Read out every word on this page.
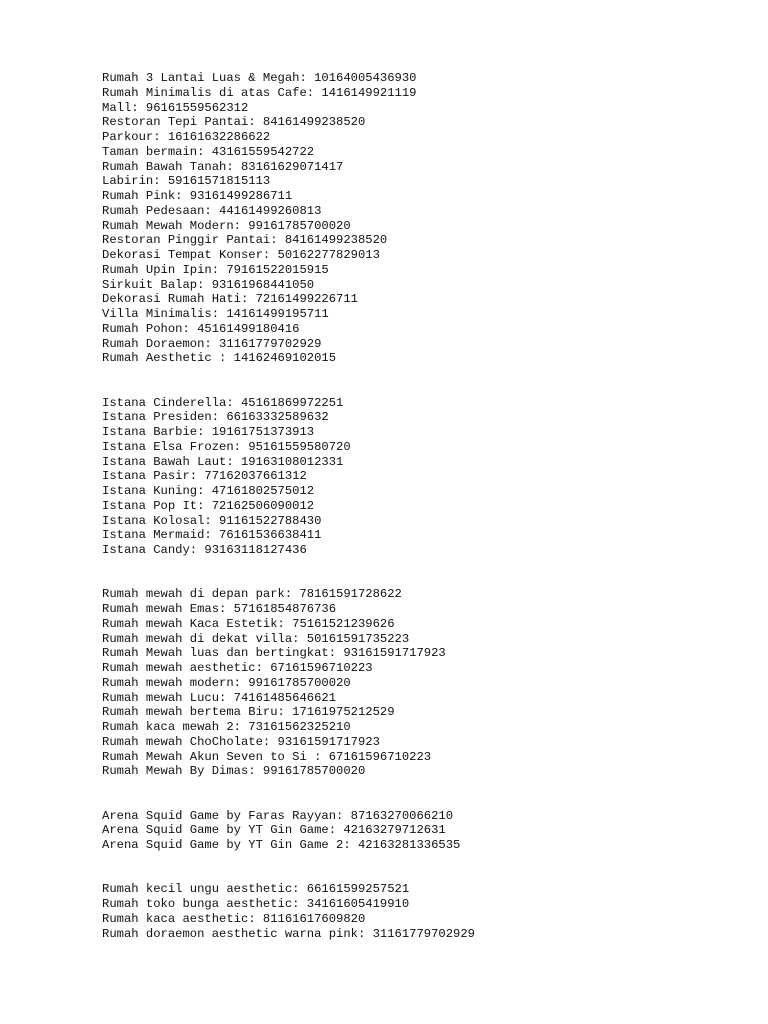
Rumah 3 Lantai Luas & Megah: 10164005436930
Rumah Minimalis di atas Cafe: 1416149921119
Mall: 96161559562312
Restoran Tepi Pantai: 84161499238520
Parkour: 16161632286622
Taman bermain: 43161559542722
Rumah Bawah Tanah: 83161629071417
Labirin: 59161571815113
Rumah Pink: 93161499286711
Rumah Pedesaan: 44161499260813
Rumah Mewah Modern: 99161785700020
Restoran Pinggir Pantai: 84161499238520
Dekorasi Tempat Konser: 50162277829013
Rumah Upin Ipin: 79161522015915
Sirkuit Balap: 93161968441050
Dekorasi Rumah Hati: 72161499226711
Villa Minimalis: 14161499195711
Rumah Pohon: 45161499180416
Rumah Doraemon: 31161779702929
Rumah Aesthetic : 14162469102015
Istana Cinderella: 45161869972251
Istana Presiden: 66163332589632
Istana Barbie: 19161751373913
Istana Elsa Frozen: 95161559580720
Istana Bawah Laut: 19163108012331
Istana Pasir: 77162037661312
Istana Kuning: 47161802575012
Istana Pop It: 72162506090012
Istana Kolosal: 91161522788430
Istana Mermaid: 76161536638411
Istana Candy: 93163118127436
Rumah mewah di depan park: 78161591728622
Rumah mewah Emas: 57161854876736
Rumah mewah Kaca Estetik: 75161521239626
Rumah mewah di dekat villa: 50161591735223
Rumah Mewah luas dan bertingkat: 93161591717923
Rumah mewah aesthetic: 67161596710223
Rumah mewah modern: 99161785700020
Rumah mewah Lucu: 74161485646621
Rumah mewah bertema Biru: 17161975212529
Rumah kaca mewah 2: 73161562325210
Rumah mewah ChoCholate: 93161591717923
Rumah Mewah Akun Seven to Si : 67161596710223
Rumah Mewah By Dimas: 99161785700020
Arena Squid Game by Faras Rayyan: 87163270066210
Arena Squid Game by YT Gin Game: 42163279712631
Arena Squid Game by YT Gin Game 2: 42163281336535
Rumah kecil ungu aesthetic: 66161599257521
Rumah toko bunga aesthetic: 34161605419910
Rumah kaca aesthetic: 81161617609820
Rumah doraemon aesthetic warna pink: 31161779702929
